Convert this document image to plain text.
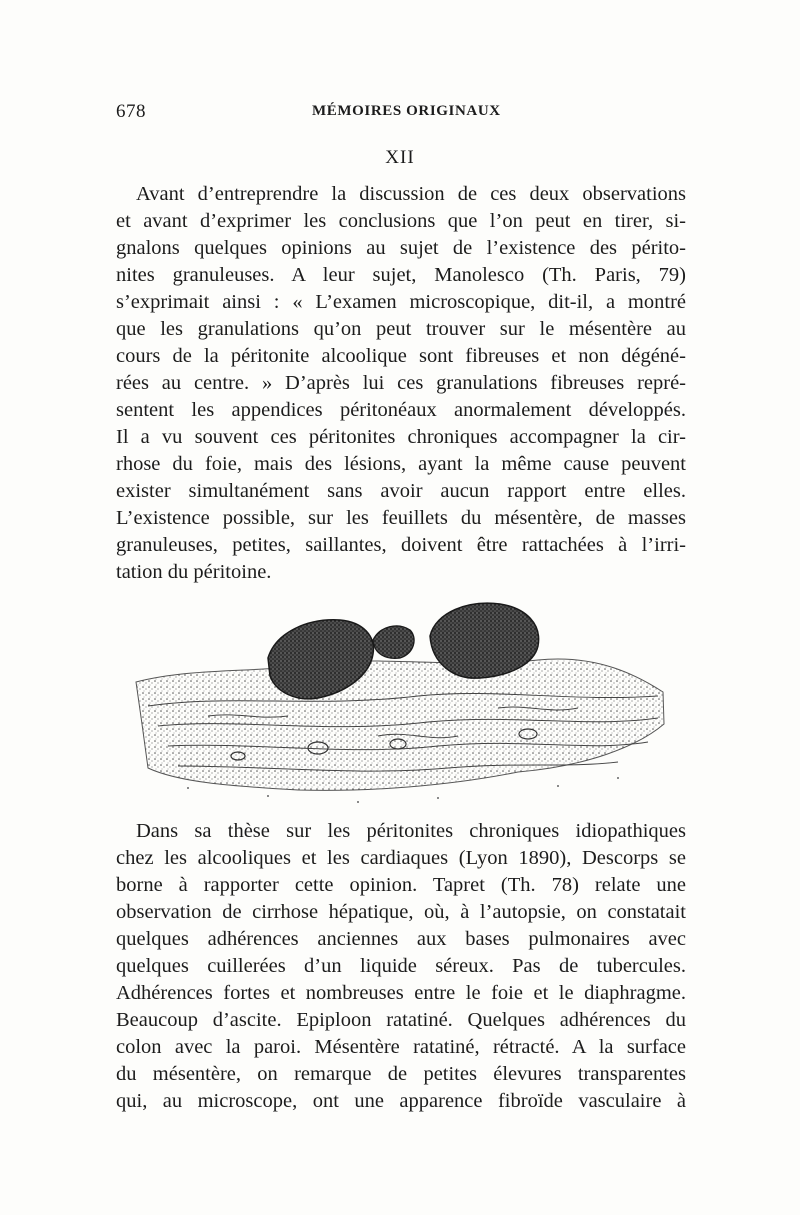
678	MÉMOIRES ORIGINAUX
XII
Avant d’entreprendre la discussion de ces deux observations
et avant d’exprimer les conclusions que l’on peut en tirer, si-
gnalons quelques opinions au sujet de l’existence des périto-
nites granuleuses. A leur sujet, Manolesco (Th. Paris, 79)
s’exprimait ainsi : « L’examen microscopique, dit-il, a montré
que les granulations qu’on peut trouver sur le mésentère au
cours de la péritonite alcoolique sont fibreuses et non dégéné-
rées au centre. » D’après lui ces granulations fibreuses repré-
sentent les appendices péritonéaux anormalement développés.
Il a vu souvent ces péritonites chroniques accompagner la cir-
rhose du foie, mais des lésions, ayant la même cause peuvent
exister simultanément sans avoir aucun rapport entre elles.
L’existence possible, sur les feuillets du mésentère, de masses
granuleuses, petites, saillantes, doivent être rattachées à l’irri-
tation du péritoine.
Dans sa thèse sur les péritonites chroniques idiopathiques
chez les alcooliques et les cardiaques (Lyon 1890), Descorps se
borne à rapporter cette opinion. Tapret (Th. 78) relate une
observation de cirrhose hépatique, où, à l’autopsie, on constatait
quelques adhérences anciennes aux bases pulmonaires avec
quelques cuillerées d’un liquide séreux. Pas de tubercules.
Adhérences fortes et nombreuses entre le foie et le diaphragme.
Beaucoup d’ascite. Epiploon ratatiné. Quelques adhérences du
colon avec la paroi. Mésentère ratatiné, rétracté. A la surface
du mésentère, on remarque de petites élevures transparentes
qui, au microscope, ont une apparence fibroïde vasculaire à
